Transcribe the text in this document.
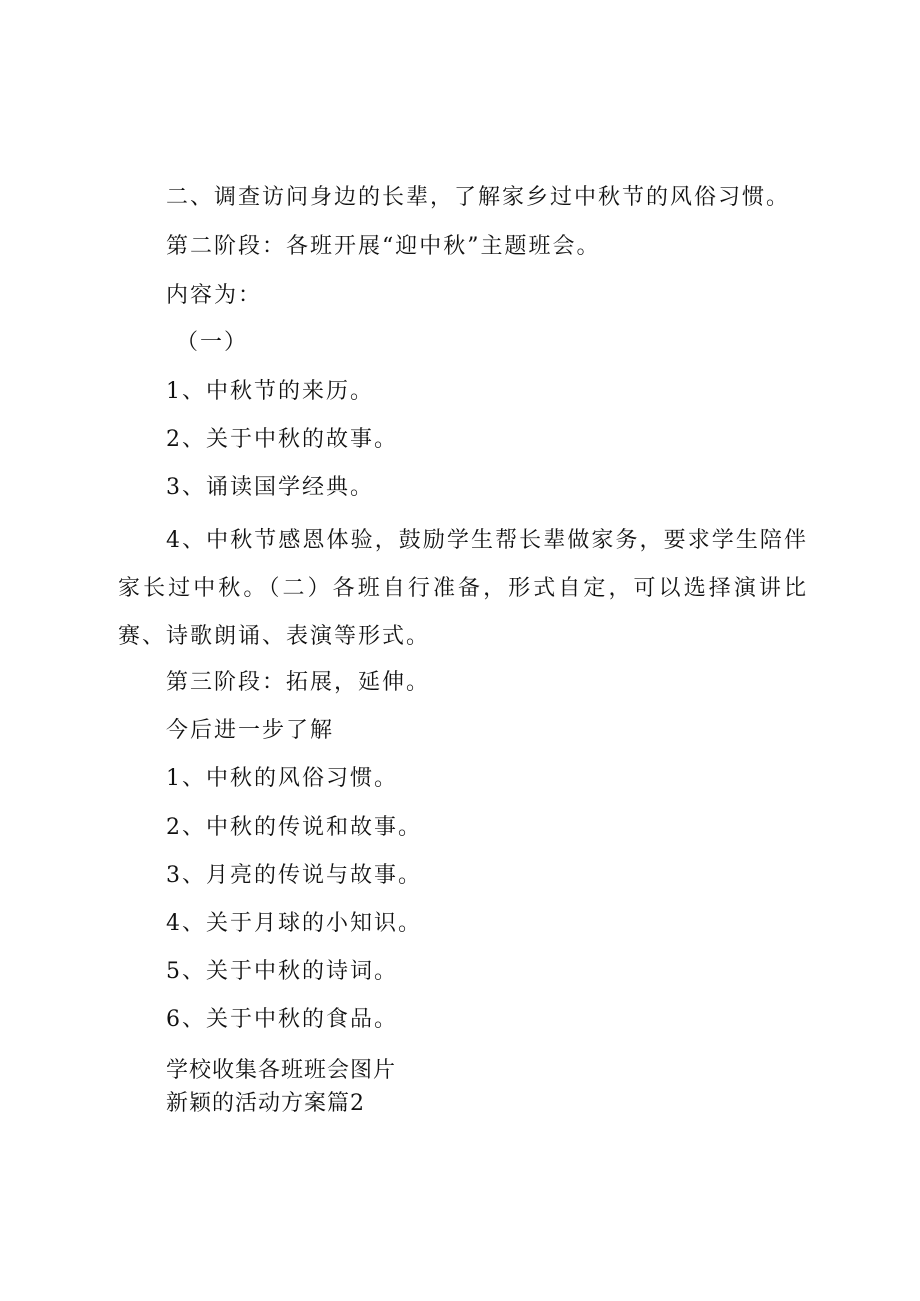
二、调查访问身边的长辈，了解家乡过中秋节的风俗习惯。
第二阶段：各班开展“迎中秋”主题班会。
内容为：
（一）
1、中秋节的来历。
2、关于中秋的故事。
3、诵读国学经典。
4、中秋节感恩体验，鼓励学生帮长辈做家务，要求学生陪伴家长过中秋。（二）各班自行准备，形式自定，可以选择演讲比赛、诗歌朗诵、表演等形式。
第三阶段：拓展，延伸。
今后进一步了解
1、中秋的风俗习惯。
2、中秋的传说和故事。
3、月亮的传说与故事。
4、关于月球的小知识。
5、关于中秋的诗词。
6、关于中秋的食品。
学校收集各班班会图片
新颖的活动方案篇2
